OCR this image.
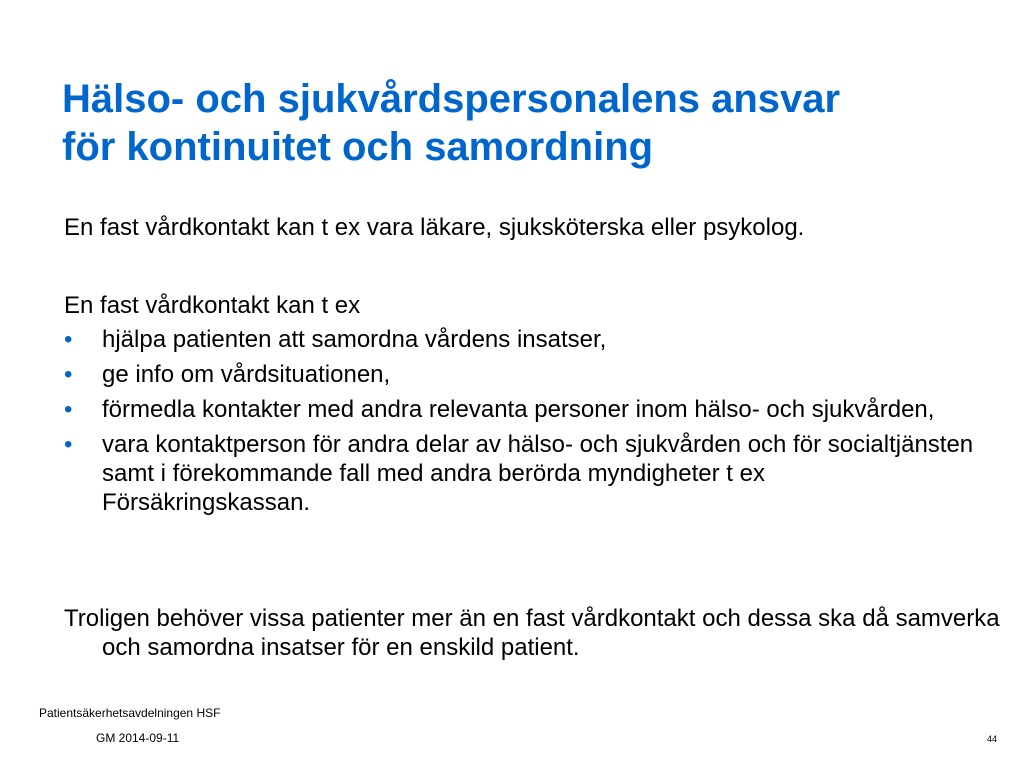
Hälso- och sjukvårdspersonalens ansvar
för kontinuitet och samordning
En fast vårdkontakt kan t ex vara läkare, sjuksköterska eller psykolog.
En fast vårdkontakt kan t ex
• hjälpa patienten att samordna vårdens insatser,
• ge info om vårdsituationen,
• förmedla kontakter med andra relevanta personer inom hälso- och sjukvården,
• vara kontaktperson för andra delar av hälso- och sjukvården och för socialtjänsten samt i förekommande fall med andra berörda myndigheter t ex Försäkringskassan.
Troligen behöver vissa patienter mer än en fast vårdkontakt och dessa ska då samverka och samordna insatser för en enskild patient.
Patientsäkerhetsavdelningen HSF
GM 2014-09-11	44
